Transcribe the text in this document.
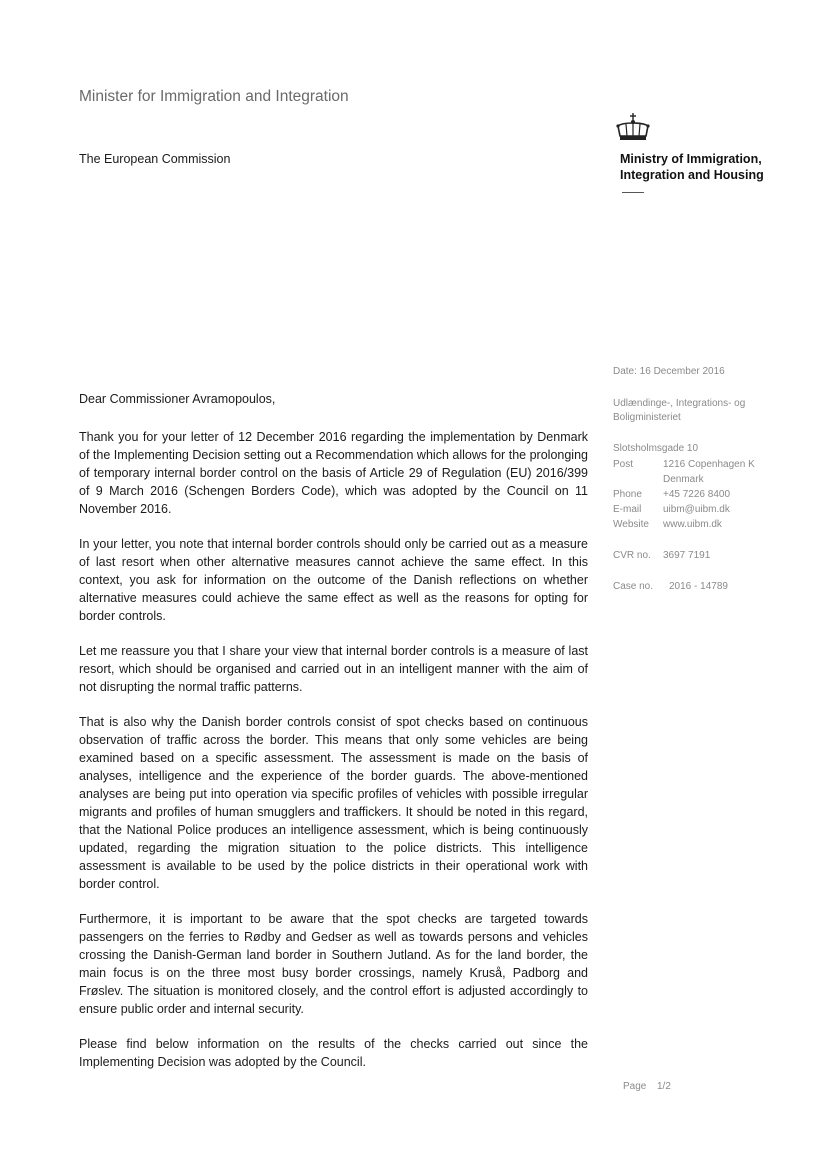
Minister for Immigration and Integration
The European Commission	Ministry of Immigration,
Integration and Housing
Date: 16 December 2016
Udlændinge-, Integrations- og
Boligministeriet
Slotsholmsgade 10
Post	1216 Copenhagen K
Denmark
Phone +45 7226 8400
E-mail uibm@uibm.dk
Website www.uibm.dk
CVR no. 3697 7191
Case no. 2016 - 14789
Dear Commissioner Avramopoulos,

Thank you for your letter of 12 December 2016 regarding the implementation by Denmark of the Implementing Decision setting out a Recommendation which allows for the prolonging of temporary internal border control on the basis of Article 29 of Regulation (EU) 2016/399 of 9 March 2016 (Schengen Borders Code), which was adopted by the Council on 11 November 2016.

In your letter, you note that internal border controls should only be carried out as a measure of last resort when other alternative measures cannot achieve the same effect. In this context, you ask for information on the outcome of the Danish reflections on whether alternative measures could achieve the same effect as well as the reasons for opting for border controls.

Let me reassure you that I share your view that internal border controls is a measure of last resort, which should be organised and carried out in an intelligent manner with the aim of not disrupting the normal traffic patterns.

That is also why the Danish border controls consist of spot checks based on continuous observation of traffic across the border. This means that only some vehicles are being examined based on a specific assessment. The assessment is made on the basis of analyses, intelligence and the experience of the border guards. The above-mentioned analyses are being put into operation via specific profiles of vehicles with possible irregular migrants and profiles of human smugglers and traffickers. It should be noted in this regard, that the National Police produces an intelligence assessment, which is being continuously updated, regarding the migration situation to the police districts. This intelligence assessment is available to be used by the police districts in their operational work with border control.

Furthermore, it is important to be aware that the spot checks are targeted towards passengers on the ferries to Rødby and Gedser as well as towards persons and vehicles crossing the Danish-German land border in Southern Jutland. As for the land border, the main focus is on the three most busy border crossings, namely Kruså, Padborg and Frøslev. The situation is monitored closely, and the control effort is adjusted accordingly to ensure public order and internal security.

Please find below information on the results of the checks carried out since the Implementing Decision was adopted by the Council.

Page 1/2
